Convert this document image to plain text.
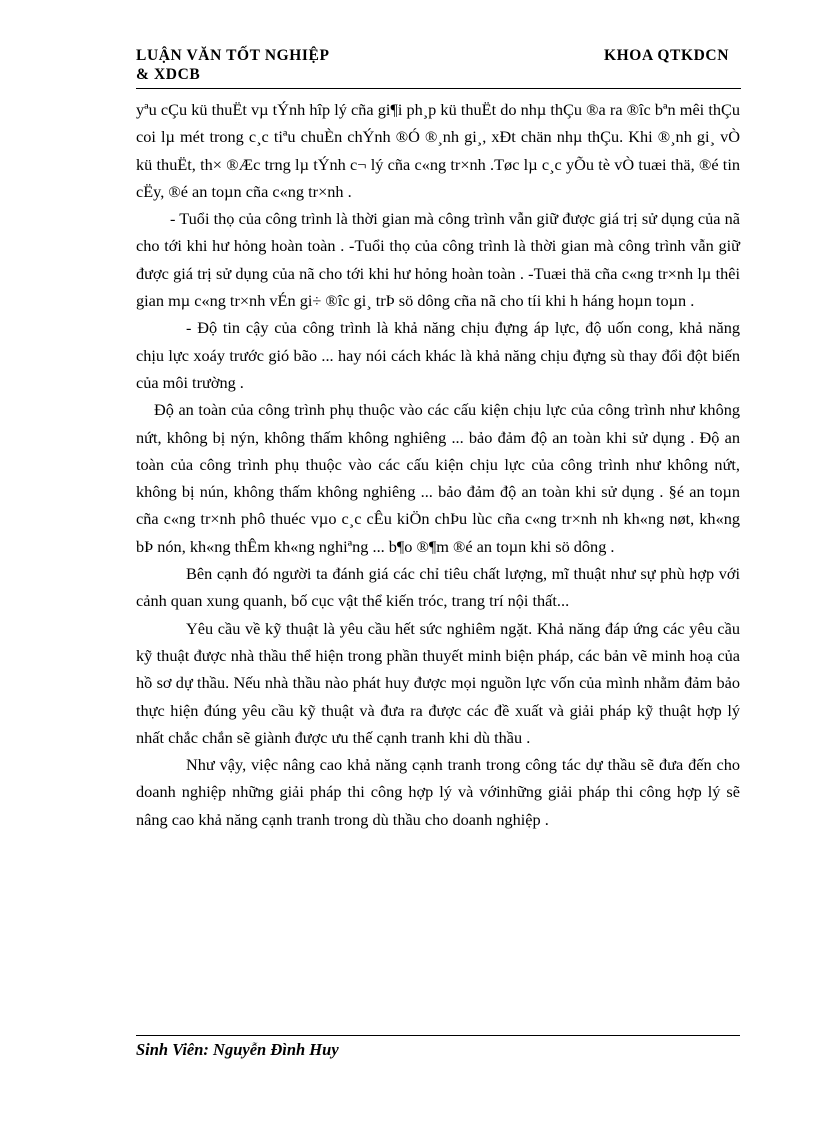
LUẬN VĂN TỐT NGHIỆP
& XDCB
KHOA QTKDCN

yªu cÇu kü thuËt vµ tÝnh hîp lý cña gi¶i ph¸p kü thuËt do nhµ thÇu ®a ra ®îc bªn mêi thÇu coi lµ mét trong c¸c tiªu chuÈn chÝnh ®Ó ®¸nh gi¸, xÐt chän nhµ thÇu. Khi ®¸nh gi¸ vÒ kü thuËt, th× ®Æc trng lµ tÝnh c¬ lý cña c«ng tr×nh .Tøc lµ c¸c yÕu tè vÒ tuæi thä, ®é tin cËy, ®é an toµn cña c«ng tr×nh .

- Tuổi thọ của công trình là thời gian mà công trình vẫn giữ được giá trị sử dụng của nã cho tới khi hư hỏng hoàn toàn . -Tuổi thọ của công trình là thời gian mà công trình vẫn giữ được giá trị sử dụng của nã cho tới khi hư hỏng hoàn toàn . -Tuæi thä cña c«ng tr×nh lµ thêi gian mµ c«ng tr×nh vÉn gi÷ ®îc gi¸ trÞ sö dông cña nã cho tíi khi h háng hoµn toµn .

- Độ tin cậy của công trình là khả năng chịu đựng áp lực, độ uốn cong, khả năng chịu lực xoáy trước gió bão ... hay nói cách khác là khả năng chịu đựng sù thay đổi đột biến của môi trường .

Độ an toàn của công trình phụ thuộc vào các cấu kiện chịu lực của công trình như không nứt, không bị nýn, không thấm không nghiêng ... bảo đảm độ an toàn khi sử dụng . Độ an toàn của công trình phụ thuộc vào các cấu kiện chịu lực của công trình như không nứt, không bị nún, không thấm không nghiêng ... bảo đảm độ an toàn khi sử dụng . §é an toµn cña c«ng tr×nh phô thuéc vµo c¸c cÊu kiÖn chÞu lùc cña c«ng tr×nh nh kh«ng nøt, kh«ng bÞ nón, kh«ng thÊm kh«ng nghiªng ... b¶o ®¶m ®é an toµn khi sö dông .

Bên cạnh đó người ta đánh giá các chỉ tiêu chất lượng, mĩ thuật như sự phù hợp với cảnh quan xung quanh, bố cục vật thể kiến tróc, trang trí nội thất...

Yêu cầu về kỹ thuật là yêu cầu hết sức nghiêm ngặt. Khả năng đáp ứng các yêu cầu kỹ thuật được nhà thầu thể hiện trong phần thuyết minh biện pháp, các bản vẽ minh hoạ của hồ sơ dự thầu. Nếu nhà thầu nào phát huy được mọi nguồn lực vốn của mình nhằm đảm bảo thực hiện đúng yêu cầu kỹ thuật và đưa ra được các đề xuất và giải pháp kỹ thuật hợp lý nhất chắc chắn sẽ giành được ưu thế cạnh tranh khi dù thầu .

Như vậy, việc nâng cao khả năng cạnh tranh trong công tác dự thầu sẽ đưa đến cho doanh nghiệp những giải pháp thi công hợp lý và vớinhững giải pháp thi công hợp lý sẽ nâng cao khả năng cạnh tranh trong dù thầu cho doanh nghiệp .

Sinh Viên: Nguyễn Đình Huy
